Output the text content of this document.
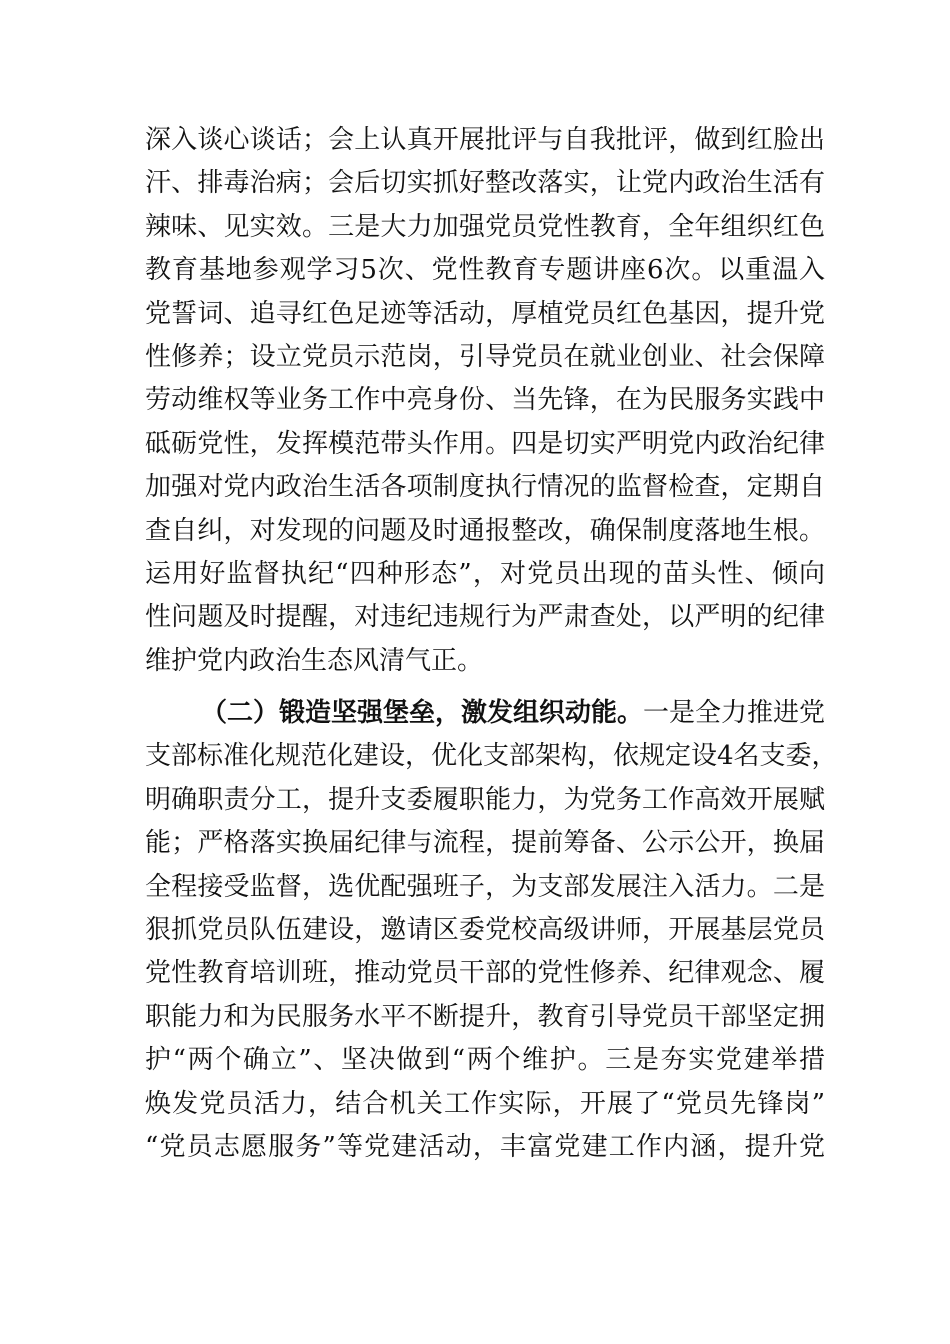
深入谈心谈话；会上认真开展批评与自我批评，做到红脸出
汗、排毒治病；会后切实抓好整改落实，让党内政治生活有
辣味、见实效。三是大力加强党员党性教育，全年组织红色
教育基地参观学习5次、党性教育专题讲座6次。以重温入
党誓词、追寻红色足迹等活动，厚植党员红色基因，提升党
性修养；设立党员示范岗，引导党员在就业创业、社会保障
劳动维权等业务工作中亮身份、当先锋，在为民服务实践中
砥砺党性，发挥模范带头作用。四是切实严明党内政治纪律
加强对党内政治生活各项制度执行情况的监督检查，定期自
查自纠，对发现的问题及时通报整改，确保制度落地生根。
运用好监督执纪“四种形态”，对党员出现的苗头性、倾向
性问题及时提醒，对违纪违规行为严肃查处，以严明的纪律
维护党内政治生态风清气正。
（二）锻造坚强堡垒，激发组织动能。一是全力推进党
支部标准化规范化建设，优化支部架构，依规定设4名支委，
明确职责分工，提升支委履职能力，为党务工作高效开展赋
能；严格落实换届纪律与流程，提前筹备、公示公开，换届
全程接受监督，选优配强班子，为支部发展注入活力。二是
狠抓党员队伍建设，邀请区委党校高级讲师，开展基层党员
党性教育培训班，推动党员干部的党性修养、纪律观念、履
职能力和为民服务水平不断提升，教育引导党员干部坚定拥
护“两个确立”、坚决做到“两个维护。三是夯实党建举措
焕发党员活力，结合机关工作实际，开展了“党员先锋岗”
“党员志愿服务”等党建活动，丰富党建工作内涵，提升党
